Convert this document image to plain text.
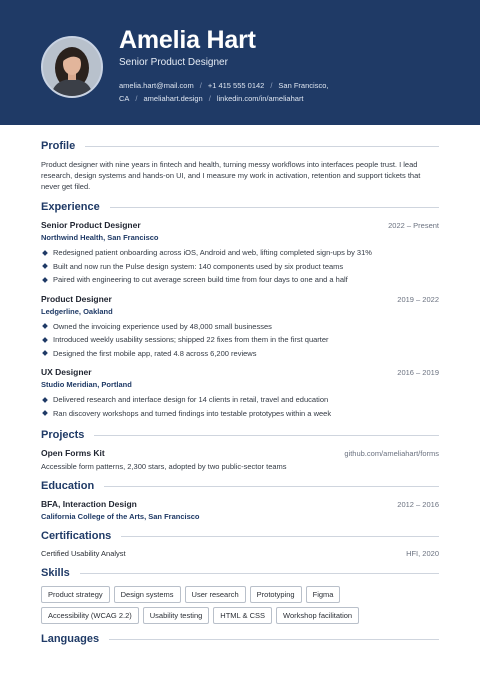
Amelia Hart
Senior Product Designer
amelia.hart@mail.com / +1 415 555 0142 / San Francisco, CA / ameliahart.design / linkedin.com/in/ameliahart
Profile
Product designer with nine years in fintech and health, turning messy workflows into interfaces people trust. I lead research, design systems and hands-on UI, and I measure my work in activation, retention and support tickets that never get filed.
Experience
Senior Product Designer	2022 – Present
Northwind Health, San Francisco
Redesigned patient onboarding across iOS, Android and web, lifting completed sign-ups by 31%
Built and now run the Pulse design system: 140 components used by six product teams
Paired with engineering to cut average screen build time from four days to one and a half
Product Designer	2019 – 2022
Ledgerline, Oakland
Owned the invoicing experience used by 48,000 small businesses
Introduced weekly usability sessions; shipped 22 fixes from them in the first quarter
Designed the first mobile app, rated 4.8 across 6,200 reviews
UX Designer	2016 – 2019
Studio Meridian, Portland
Delivered research and interface design for 14 clients in retail, travel and education
Ran discovery workshops and turned findings into testable prototypes within a week
Projects
Open Forms Kit	github.com/ameliahart/forms
Accessible form patterns, 2,300 stars, adopted by two public-sector teams
Education
BFA, Interaction Design	2012 – 2016
California College of the Arts, San Francisco
Certifications
Certified Usability Analyst	HFI, 2020
Skills
Product strategy	Design systems	User research	Prototyping	Figma
Accessibility (WCAG 2.2)	Usability testing	HTML & CSS	Workshop facilitation
Languages
